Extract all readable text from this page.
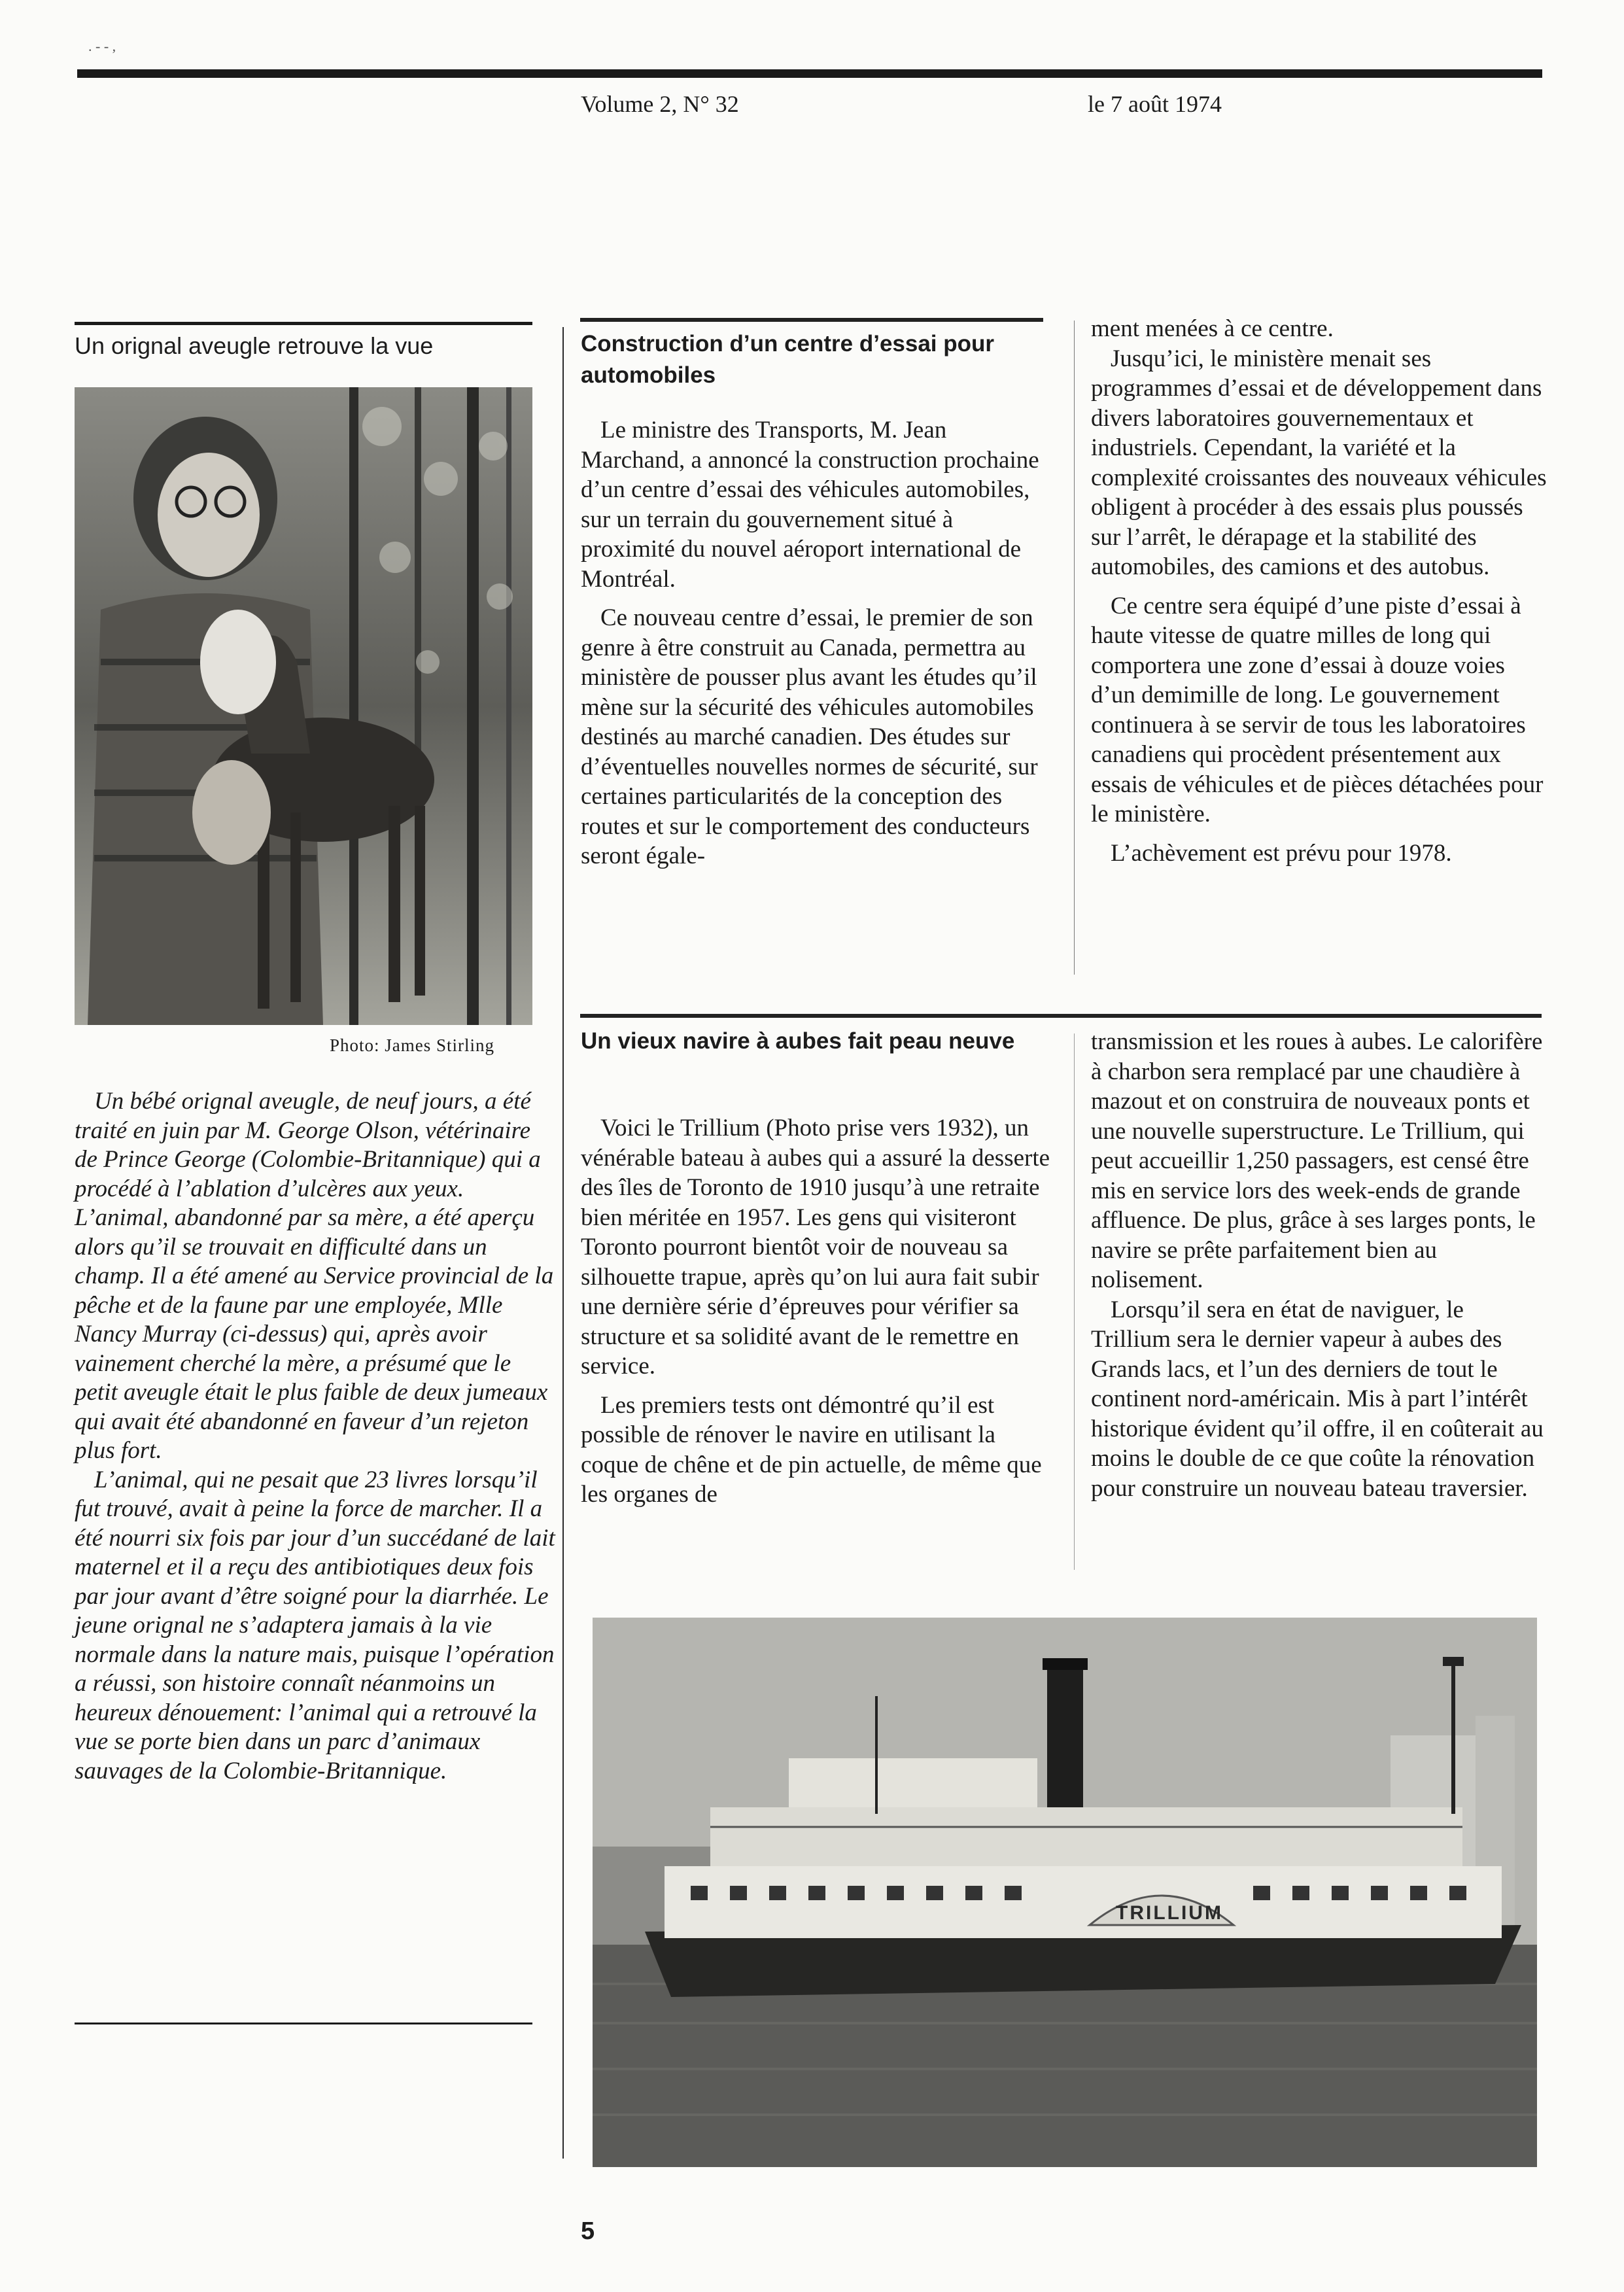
. - - ,
Volume 2, N° 32	le 7 août 1974
Un orignal aveugle retrouve la vue
Photo: James Stirling

Un bébé orignal aveugle, de neuf jours, a été traité en juin par M. George Olson, vétérinaire de Prince George (Colombie-Britannique) qui a procédé à l’ablation d’ulcères aux yeux. L’animal, abandonné par sa mère, a été aperçu alors qu’il se trouvait en difficulté dans un champ. Il a été amené au Service provincial de la pêche et de la faune par une employée, Mlle Nancy Murray (ci-dessus) qui, après avoir vainement cherché la mère, a présumé que le petit aveugle était le plus faible de deux jumeaux qui avait été abandonné en faveur d’un rejeton plus fort.

L’animal, qui ne pesait que 23 livres lorsqu’il fut trouvé, avait à peine la force de marcher. Il a été nourri six fois par jour d’un succédané de lait maternel et il a reçu des antibiotiques deux fois par jour avant d’être soigné pour la diarrhée. Le jeune orignal ne s’adaptera jamais à la vie normale dans la nature mais, puisque l’opération a réussi, son histoire connaît néanmoins un heureux dénouement: l’animal qui a retrouvé la vue se porte bien dans un parc d’animaux sauvages de la Colombie-Britannique.

Construction d’un centre d’essai pour automobiles

Le ministre des Transports, M. Jean Marchand, a annoncé la construction prochaine d’un centre d’essai des véhicules automobiles, sur un terrain du gouvernement situé à proximité du nouvel aéroport international de Montréal.

Ce nouveau centre d’essai, le premier de son genre à être construit au Canada, permettra au ministère de pousser plus avant les études qu’il mène sur la sécurité des véhicules automobiles destinés au marché canadien. Des études sur d’éventuelles nouvelles normes de sécurité, sur certaines particularités de la conception des routes et sur le comportement des conducteurs seront égale-

ment menées à ce centre.

Jusqu’ici, le ministère menait ses programmes d’essai et de développement dans divers laboratoires gouvernementaux et industriels. Cependant, la variété et la complexité croissantes des nouveaux véhicules obligent à procéder à des essais plus poussés sur l’arrêt, le dérapage et la stabilité des automobiles, des camions et des autobus.

Ce centre sera équipé d’une piste d’essai à haute vitesse de quatre milles de long qui comportera une zone d’essai à douze voies d’un demimille de long. Le gouvernement continuera à se servir de tous les laboratoires canadiens qui procèdent présentement aux essais de véhicules et de pièces détachées pour le ministère.

L’achèvement est prévu pour 1978.

Un vieux navire à aubes fait peau neuve

Voici le Trillium (Photo prise vers 1932), un vénérable bateau à aubes qui a assuré la desserte des îles de Toronto de 1910 jusqu’à une retraite bien méritée en 1957. Les gens qui visiteront Toronto pourront bientôt voir de nouveau sa silhouette trapue, après qu’on lui aura fait subir une dernière série d’épreuves pour vérifier sa structure et sa solidité avant de le remettre en service.

Les premiers tests ont démontré qu’il est possible de rénover le navire en utilisant la coque de chêne et de pin actuelle, de même que les organes de

transmission et les roues à aubes. Le calorifère à charbon sera remplacé par une chaudière à mazout et on construira de nouveaux ponts et une nouvelle superstructure. Le Trillium, qui peut accueillir 1,250 passagers, est censé être mis en service lors des week-ends de grande affluence. De plus, grâce à ses larges ponts, le navire se prête parfaitement bien au nolisement.

Lorsqu’il sera en état de naviguer, le Trillium sera le dernier vapeur à aubes des Grands lacs, et l’un des derniers de tout le continent nord-américain. Mis à part l’intérêt historique évident qu’il offre, il en coûterait au moins le double de ce que coûte la rénovation pour construire un nouveau bateau traversier.

TRILLIUM
5
